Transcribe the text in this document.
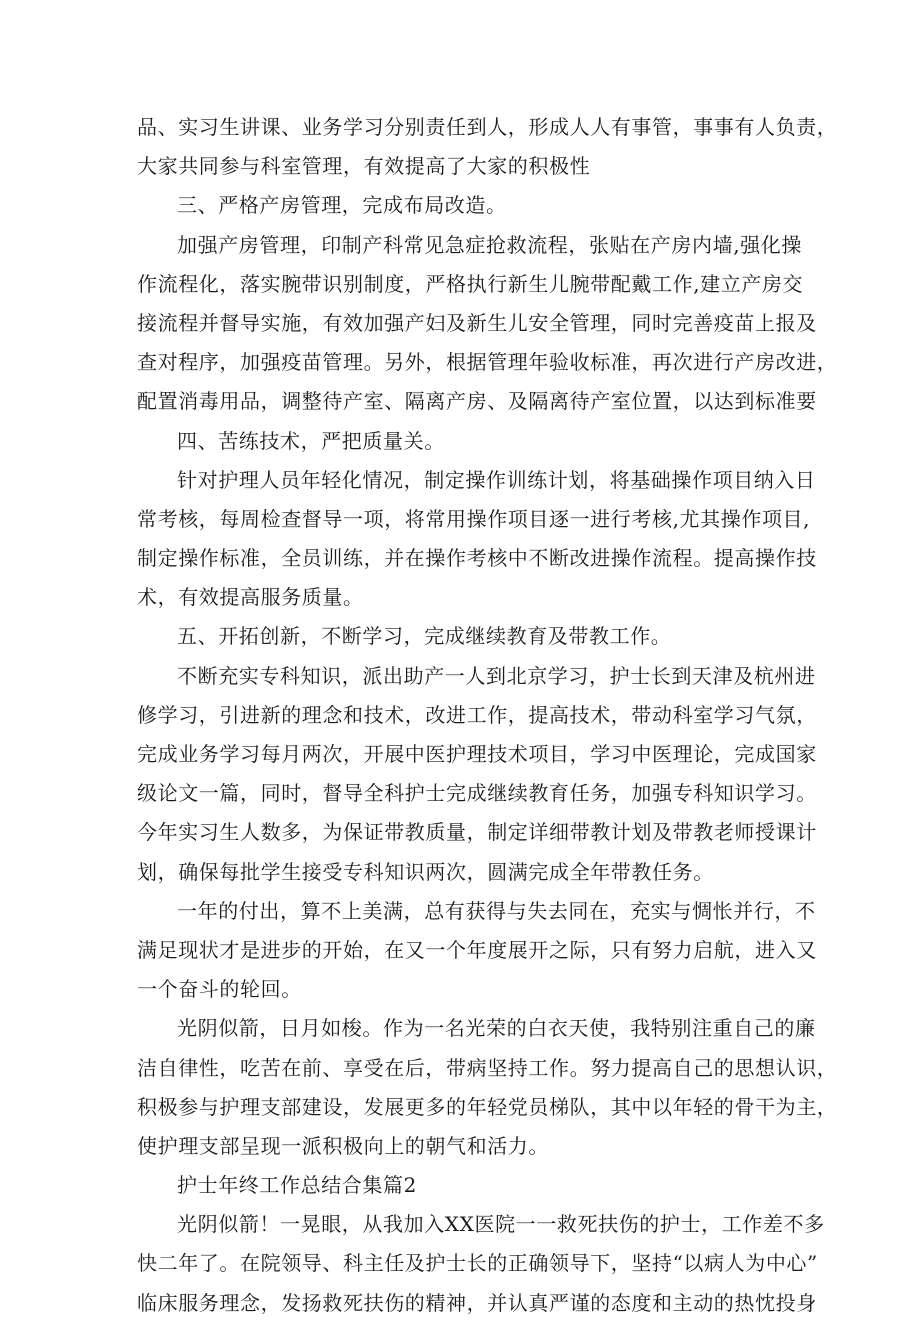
品、实习生讲课、业务学习分别责任到人，形成人人有事管，事事有人负责，
大家共同参与科室管理，有效提高了大家的积极性
三、严格产房管理，完成布局改造。
加强产房管理，印制产科常见急症抢救流程，张贴在产房内墙,强化操
作流程化，落实腕带识别制度，严格执行新生儿腕带配戴工作,建立产房交
接流程并督导实施，有效加强产妇及新生儿安全管理，同时完善疫苗上报及
查对程序，加强疫苗管理。另外，根据管理年验收标准，再次进行产房改进，
配置消毒用品，调整待产室、隔离产房、及隔离待产室位置，以达到标准要
四、苦练技术，严把质量关。
针对护理人员年轻化情况，制定操作训练计划，将基础操作项目纳入日
常考核，每周检查督导一项，将常用操作项目逐一进行考核,尤其操作项目,
制定操作标准，全员训练，并在操作考核中不断改进操作流程。提高操作技
术，有效提高服务质量。
五、开拓创新，不断学习，完成继续教育及带教工作。
不断充实专科知识，派出助产一人到北京学习，护士长到天津及杭州进
修学习，引进新的理念和技术，改进工作，提高技术，带动科室学习气氛，
完成业务学习每月两次，开展中医护理技术项目，学习中医理论，完成国家
级论文一篇，同时，督导全科护士完成继续教育任务，加强专科知识学习。
今年实习生人数多，为保证带教质量，制定详细带教计划及带教老师授课计
划，确保每批学生接受专科知识两次，圆满完成全年带教任务。
一年的付出，算不上美满，总有获得与失去同在，充实与惆怅并行，不
满足现状才是进步的开始，在又一个年度展开之际，只有努力启航，进入又
一个奋斗的轮回。
光阴似箭，日月如梭。作为一名光荣的白衣天使，我特别注重自己的廉
洁自律性，吃苦在前、享受在后，带病坚持工作。努力提高自己的思想认识，
积极参与护理支部建设，发展更多的年轻党员梯队，其中以年轻的骨干为主，
使护理支部呈现一派积极向上的朝气和活力。
护士年终工作总结合集篇2
光阴似箭！一晃眼，从我加入XX医院一一救死扶伤的护士，工作差不多
快二年了。在院领导、科主任及护士长的正确领导下，坚持“以病人为中心”
临床服务理念，发扬救死扶伤的精神，并认真严谨的态度和主动的热忱投身
